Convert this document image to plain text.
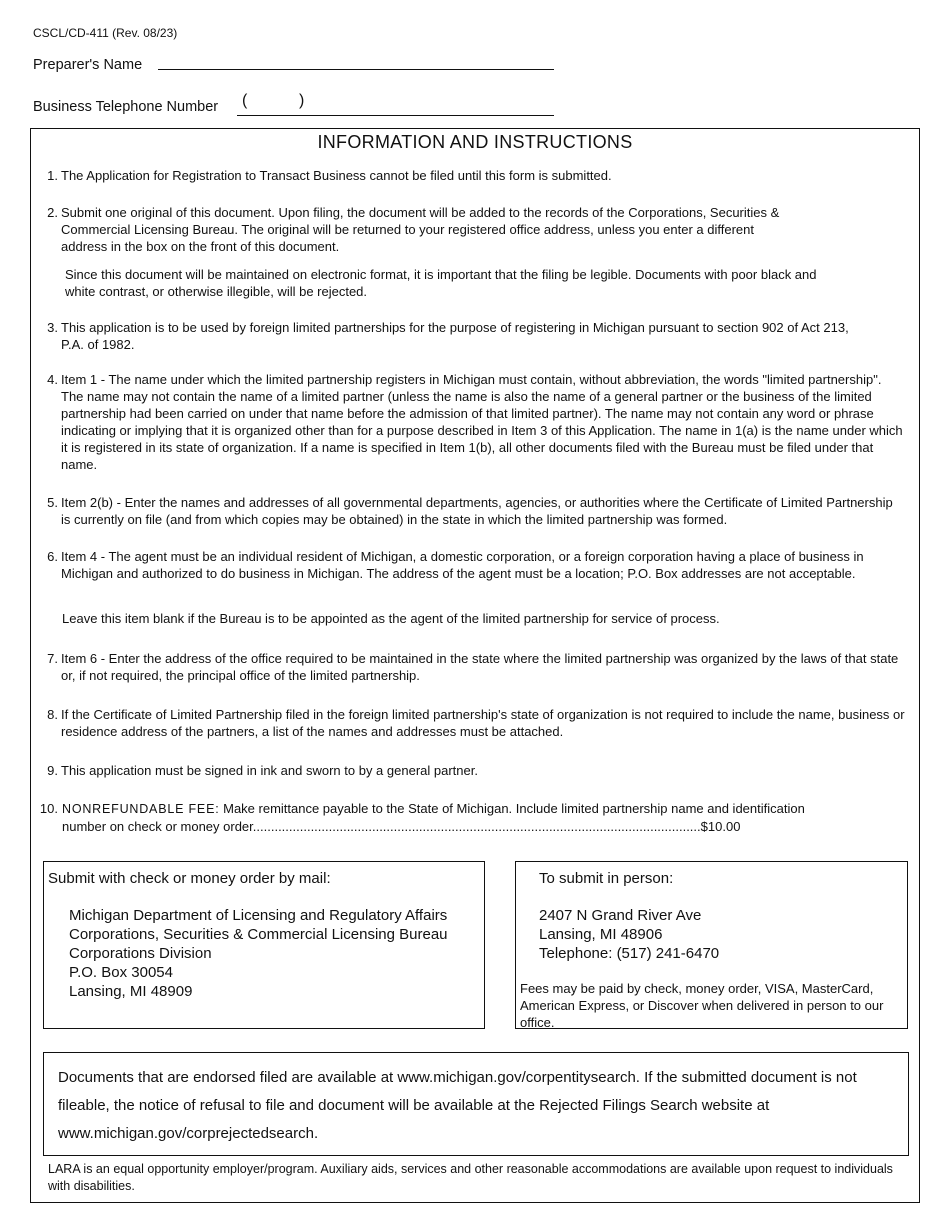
CSCL/CD-411 (Rev. 08/23)
Preparer's Name
Business Telephone Number (	)
INFORMATION AND INSTRUCTIONS
1. The Application for Registration to Transact Business cannot be filed until this form is submitted.
2. Submit one original of this document. Upon filing, the document will be added to the records of the Corporations, Securities & Commercial Licensing Bureau. The original will be returned to your registered office address, unless you enter a different address in the box on the front of this document.
Since this document will be maintained on electronic format, it is important that the filing be legible. Documents with poor black and white contrast, or otherwise illegible, will be rejected.
3. This application is to be used by foreign limited partnerships for the purpose of registering in Michigan pursuant to section 902 of Act 213, P.A. of 1982.
4. Item 1 - The name under which the limited partnership registers in Michigan must contain, without abbreviation, the words "limited partnership". The name may not contain the name of a limited partner (unless the name is also the name of a general partner or the business of the limited partnership had been carried on under that name before the admission of that limited partner). The name may not contain any word or phrase indicating or implying that it is organized other than for a purpose described in Item 3 of this Application. The name in 1(a) is the name under which it is registered in its state of organization. If a name is specified in Item 1(b), all other documents filed with the Bureau must be filed under that name.
5. Item 2(b) - Enter the names and addresses of all governmental departments, agencies, or authorities where the Certificate of Limited Partnership is currently on file (and from which copies may be obtained) in the state in which the limited partnership was formed.
6. Item 4 - The agent must be an individual resident of Michigan, a domestic corporation, or a foreign corporation having a place of business in Michigan and authorized to do business in Michigan. The address of the agent must be a location; P.O. Box addresses are not acceptable.
Leave this item blank if the Bureau is to be appointed as the agent of the limited partnership for service of process.
7. Item 6 - Enter the address of the office required to be maintained in the state where the limited partnership was organized by the laws of that state or, if not required, the principal office of the limited partnership.
8. If the Certificate of Limited Partnership filed in the foreign limited partnership's state of organization is not required to include the name, business or residence address of the partners, a list of the names and addresses must be attached.
9. This application must be signed in ink and sworn to by a general partner.
10. NONREFUNDABLE FEE: Make remittance payable to the State of Michigan. Include limited partnership name and identification
number on check or money order............................................................................................................................$10.00
Submit with check or money order by mail:
Michigan Department of Licensing and Regulatory Affairs
Corporations, Securities & Commercial Licensing Bureau
Corporations Division
P.O. Box 30054
Lansing, MI 48909
To submit in person:
2407 N Grand River Ave
Lansing, MI 48906
Telephone: (517) 241-6470
Fees may be paid by check, money order, VISA, MasterCard, American Express, or Discover when delivered in person to our office.
Documents that are endorsed filed are available at www.michigan.gov/corpentitysearch. If the submitted document is not fileable, the notice of refusal to file and document will be available at the Rejected Filings Search website at www.michigan.gov/corprejectedsearch.
LARA is an equal opportunity employer/program. Auxiliary aids, services and other reasonable accommodations are available upon request to individuals with disabilities.
